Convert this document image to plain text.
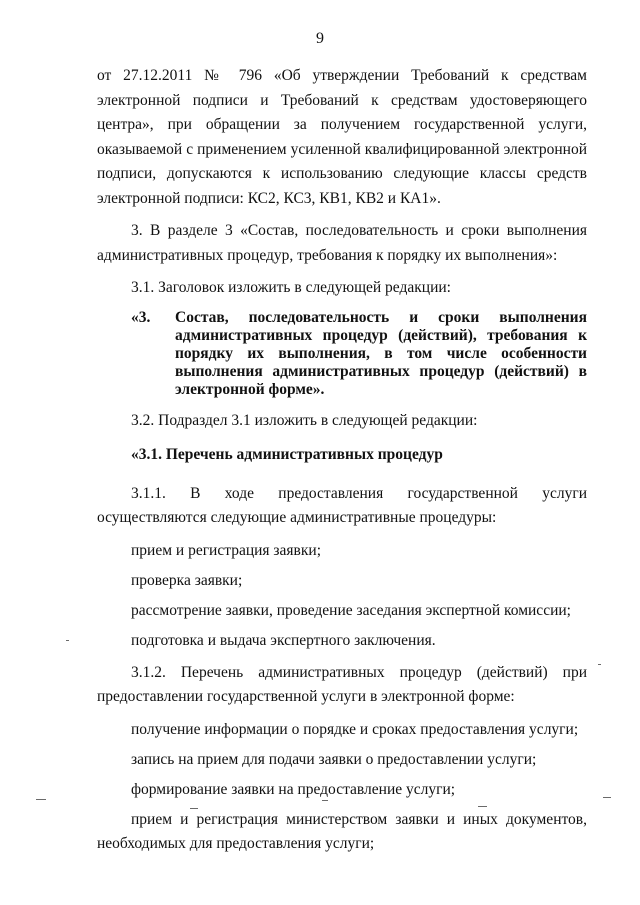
9

от 27.12.2011 № 796 «Об утверждении Требований к средствам электронной подписи и Требований к средствам удостоверяющего центра», при обращении за получением государственной услуги, оказываемой с применением усиленной квалифицированной электронной подписи, допускаются к использованию следующие классы средств электронной подписи: КС2, КС3, КВ1, КВ2 и КА1».

3. В разделе 3 «Состав, последовательность и сроки выполнения административных процедур, требования к порядку их выполнения»:

3.1. Заголовок изложить в следующей редакции:

«3.	Состав, последовательность и сроки выполнения административных процедур (действий), требования к порядку их выполнения, в том числе особенности выполнения административных процедур (действий) в электронной форме».

3.2. Подраздел 3.1 изложить в следующей редакции:

«3.1. Перечень административных процедур

3.1.1. В ходе предоставления государственной услуги осуществляются следующие административные процедуры:

прием и регистрация заявки;

проверка заявки;

рассмотрение заявки, проведение заседания экспертной комиссии;

подготовка и выдача экспертного заключения.

3.1.2. Перечень административных процедур (действий) при предоставлении государственной услуги в электронной форме:

получение информации о порядке и сроках предоставления услуги;

запись на прием для подачи заявки о предоставлении услуги;

формирование заявки на предоставление услуги;

прием и регистрация министерством заявки и иных документов, необходимых для предоставления услуги;
